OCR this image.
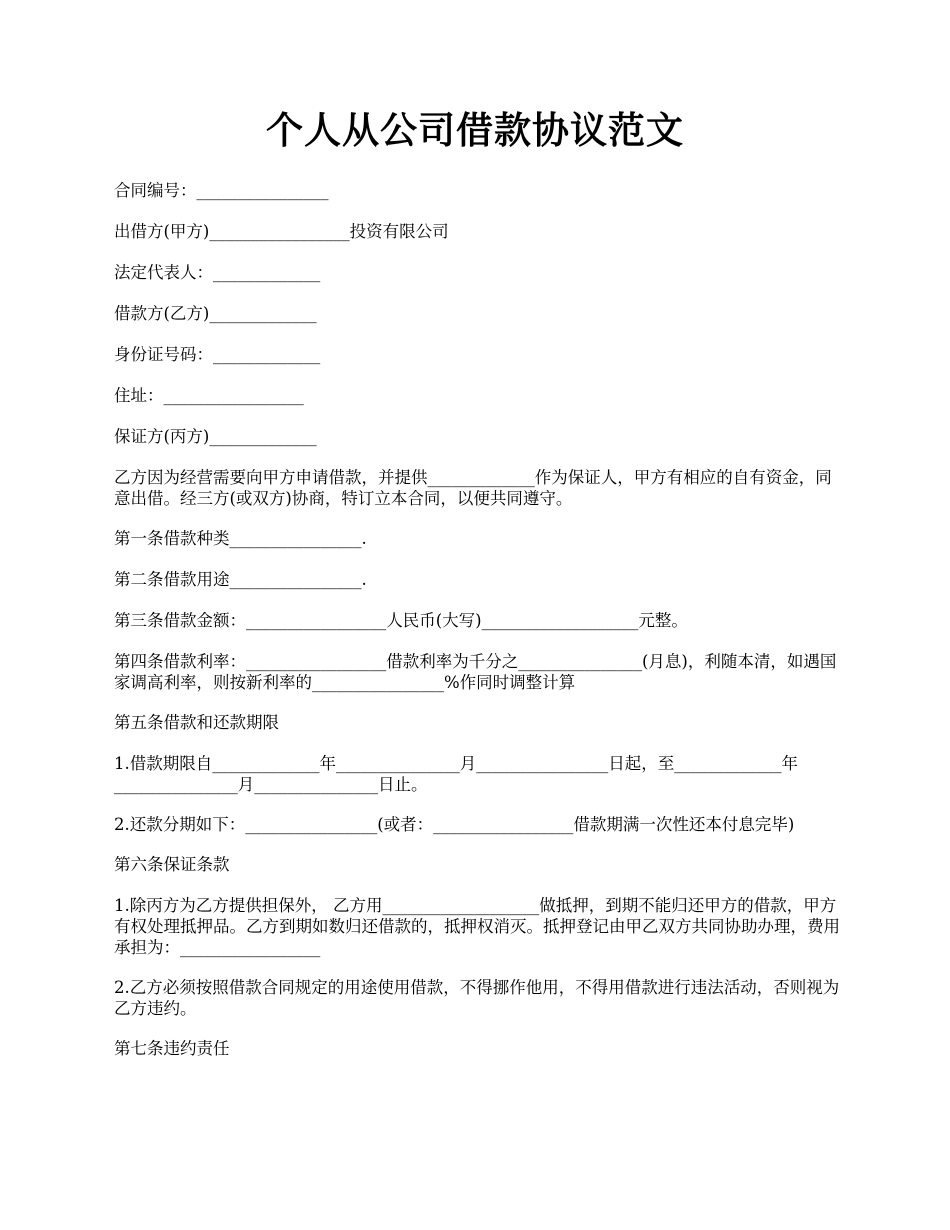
个人从公司借款协议范文

合同编号：________________

出借方(甲方)_________________投资有限公司

法定代表人：_____________

借款方(乙方)_____________

身份证号码：_____________

住址：_________________

保证方(丙方)_____________

乙方因为经营需要向甲方申请借款，并提供_____________作为保证人，甲方有相应的自有资金，同意出借。经三方(或双方)协商，特订立本合同，以便共同遵守。

第一条借款种类________________.

第二条借款用途________________.

第三条借款金额：_________________人民币(大写)___________________元整。

第四条借款利率：_________________借款利率为千分之_______________(月息)，利随本清，如遇国家调高利率，则按新利率的________________%作同时调整计算

第五条借款和还款期限

1.借款期限自_____________年_______________月________________日起，至_____________年_______________月_______________日止。

2.还款分期如下：________________(或者：_________________借款期满一次性还本付息完毕)

第六条保证条款

1.除丙方为乙方提供担保外， 乙方用___________________做抵押，到期不能归还甲方的借款，甲方有权处理抵押品。乙方到期如数归还借款的，抵押权消灭。抵押登记由甲乙双方共同协助办理，费用承担为：_________________

2.乙方必须按照借款合同规定的用途使用借款，不得挪作他用，不得用借款进行违法活动，否则视为乙方违约。

第七条违约责任
